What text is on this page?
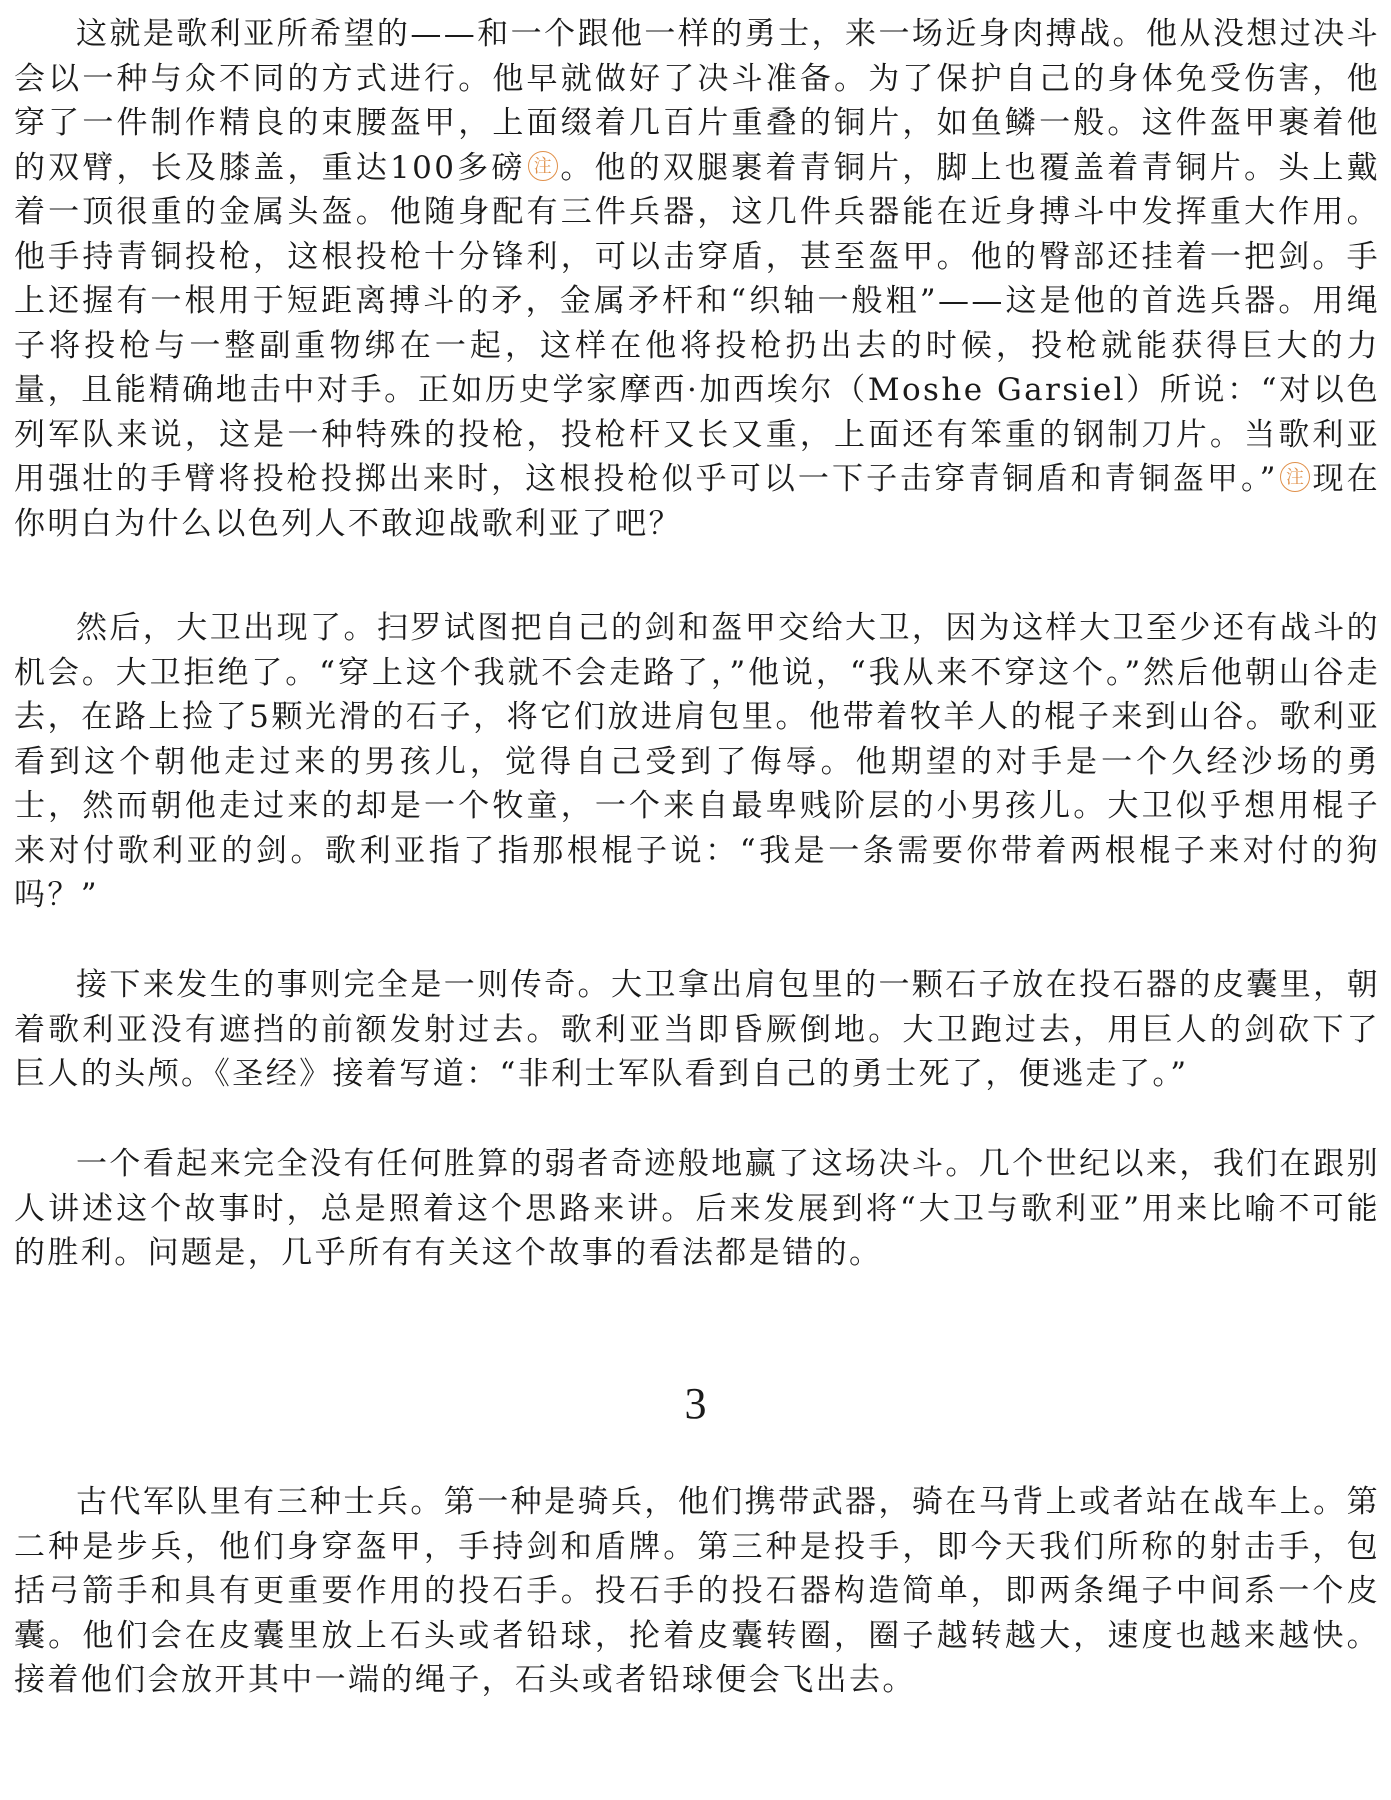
这就是歌利亚所希望的——和一个跟他一样的勇士，来一场近身肉搏战。他从没想过决斗会以一种与众不同的方式进行。他早就做好了决斗准备。为了保护自己的身体免受伤害，他穿了一件制作精良的束腰盔甲，上面缀着几百片重叠的铜片，如鱼鳞一般。这件盔甲裹着他的双臂，长及膝盖，重达100多磅 注 。他的双腿裹着青铜片，脚上也覆盖着青铜片。头上戴着一顶很重的金属头盔。他随身配有三件兵器，这几件兵器能在近身搏斗中发挥重大作用。他手持青铜投枪，这根投枪十分锋利，可以击穿盾，甚至盔甲。他的臀部还挂着一把剑。手上还握有一根用于短距离搏斗的矛，金属矛杆和“织轴一般粗”——这是他的首选兵器。用绳子将投枪与一整副重物绑在一起，这样在他将投枪扔出去的时候，投枪就能获得巨大的力量，且能精确地击中对手。正如历史学家摩西·加西埃尔（Moshe Garsiel）所说：“对以色列军队来说，这是一种特殊的投枪，投枪杆又长又重，上面还有笨重的钢制刀片。当歌利亚用强壮的手臂将投枪投掷出来时，这根投枪似乎可以一下子击穿青铜盾和青铜盔甲。” 注 现在你明白为什么以色列人不敢迎战歌利亚了吧？

然后，大卫出现了。扫罗试图把自己的剑和盔甲交给大卫，因为这样大卫至少还有战斗的机会。大卫拒绝了。“穿上这个我就不会走路了，”他说，“我从来不穿这个。”然后他朝山谷走去，在路上捡了5颗光滑的石子，将它们放进肩包里。他带着牧羊人的棍子来到山谷。歌利亚看到这个朝他走过来的男孩儿，觉得自己受到了侮辱。他期望的对手是一个久经沙场的勇士，然而朝他走过来的却是一个牧童，一个来自最卑贱阶层的小男孩儿。大卫似乎想用棍子来对付歌利亚的剑。歌利亚指了指那根棍子说：“我是一条需要你带着两根棍子来对付的狗吗？”

接下来发生的事则完全是一则传奇。大卫拿出肩包里的一颗石子放在投石器的皮囊里，朝着歌利亚没有遮挡的前额发射过去。歌利亚当即昏厥倒地。大卫跑过去，用巨人的剑砍下了巨人的头颅。《圣经》接着写道：“非利士军队看到自己的勇士死了，便逃走了。”

一个看起来完全没有任何胜算的弱者奇迹般地赢了这场决斗。几个世纪以来，我们在跟别人讲述这个故事时，总是照着这个思路来讲。后来发展到将“大卫与歌利亚”用来比喻不可能的胜利。问题是，几乎所有有关这个故事的看法都是错的。

3

古代军队里有三种士兵。第一种是骑兵，他们携带武器，骑在马背上或者站在战车上。第二种是步兵，他们身穿盔甲，手持剑和盾牌。第三种是投手，即今天我们所称的射击手，包括弓箭手和具有更重要作用的投石手。投石手的投石器构造简单，即两条绳子中间系一个皮囊。他们会在皮囊里放上石头或者铅球，抡着皮囊转圈，圈子越转越大，速度也越来越快。接着他们会放开其中一端的绳子，石头或者铅球便会飞出去。
